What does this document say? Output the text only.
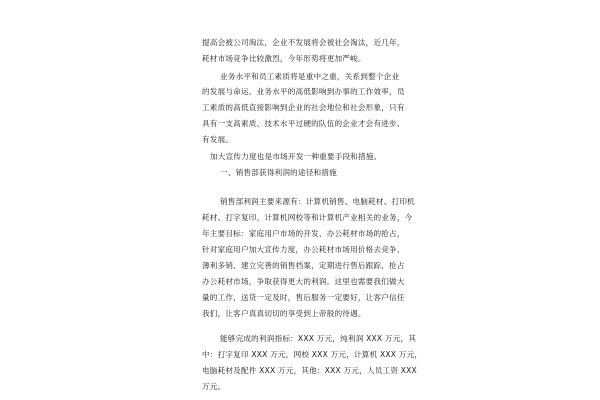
提高会被公司淘汰，企业不发展将会被社会淘汰，近几年，
耗材市场竞争比较激烈，今年形势将更加严峻。
业务水平和员工素质将是重中之重，关系到整个企业
的发展与命运。业务水平的高低影响到办事的工作效率，员
工素质的高低直接影响到企业的社会地位和社会形象，只有
具有一支高素质、技术水平过硬的队伍的企业才会有进步、
有发展。
加大宣传力度也是市场开发一种重要手段和措施。
一、销售部获得利润的途径和措施
销售部利润主要来源有：计算机销售、电脑耗材、打印机
耗材、打字复印、计算机网校等和计算机产业相关的业务，今
年主要目标：家庭用户市场的开发、办公耗材市场的抢占，
针对家庭用户加大宣传力度，办公耗材市场用价格去竞争、
薄利多销、建立完善的销售档案，定期进行售后跟踪，抢占
办公耗材市场，争取获得更大的利润。这里也需要我们做大
量的工作，送货一定及时，售后服务一定要好，让客户信任
我们，让客户真真切切的享受到上帝般的待遇。
能够完成的利润指标：XXX 万元，纯利润 XXX 万元，其
中：打字复印 XXX 万元，网校 XXX 万元，计算机 XXX 万元，
电脑耗材及配件 XXX 万元，其他：XXX 万元，人员工资 XXX
万元。
